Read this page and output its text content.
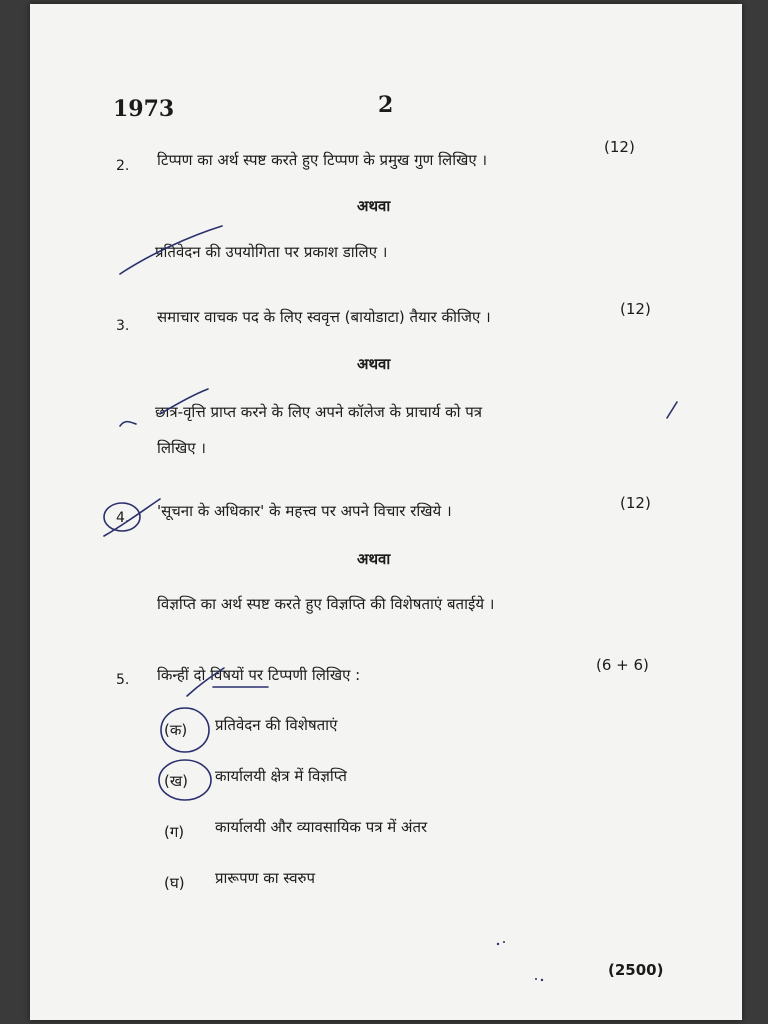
1973	2
2. टिप्पण का अर्थ स्पष्ट करते हुए टिप्पण के प्रमुख गुण लिखिए ।
(12)
अथवा
प्रतिवेदन की उपयोगिता पर प्रकाश डालिए ।
3. समाचार वाचक पद के लिए स्ववृत्त (बायोडाटा) तैयार कीजिए ।	(12)
अथवा
छात्र-वृत्ति प्राप्त करने के लिए अपने कॉलेज के प्राचार्य को पत्र
लिखिए ।
4. 'सूचना के अधिकार' के महत्त्व पर अपने विचार रखिये ।	(12)
अथवा
विज्ञप्ति का अर्थ स्पष्ट करते हुए विज्ञप्ति की विशेषताएं बताईये ।
5. किन्हीं दो विषयों पर टिप्पणी लिखिए :
(6 + 6)
(क) प्रतिवेदन की विशेषताएं
(ख) कार्यालयी क्षेत्र में विज्ञप्ति
(ग) कार्यालयी और व्यावसायिक पत्र में अंतर
(घ) प्रारूपण का स्वरुप
(2500)
